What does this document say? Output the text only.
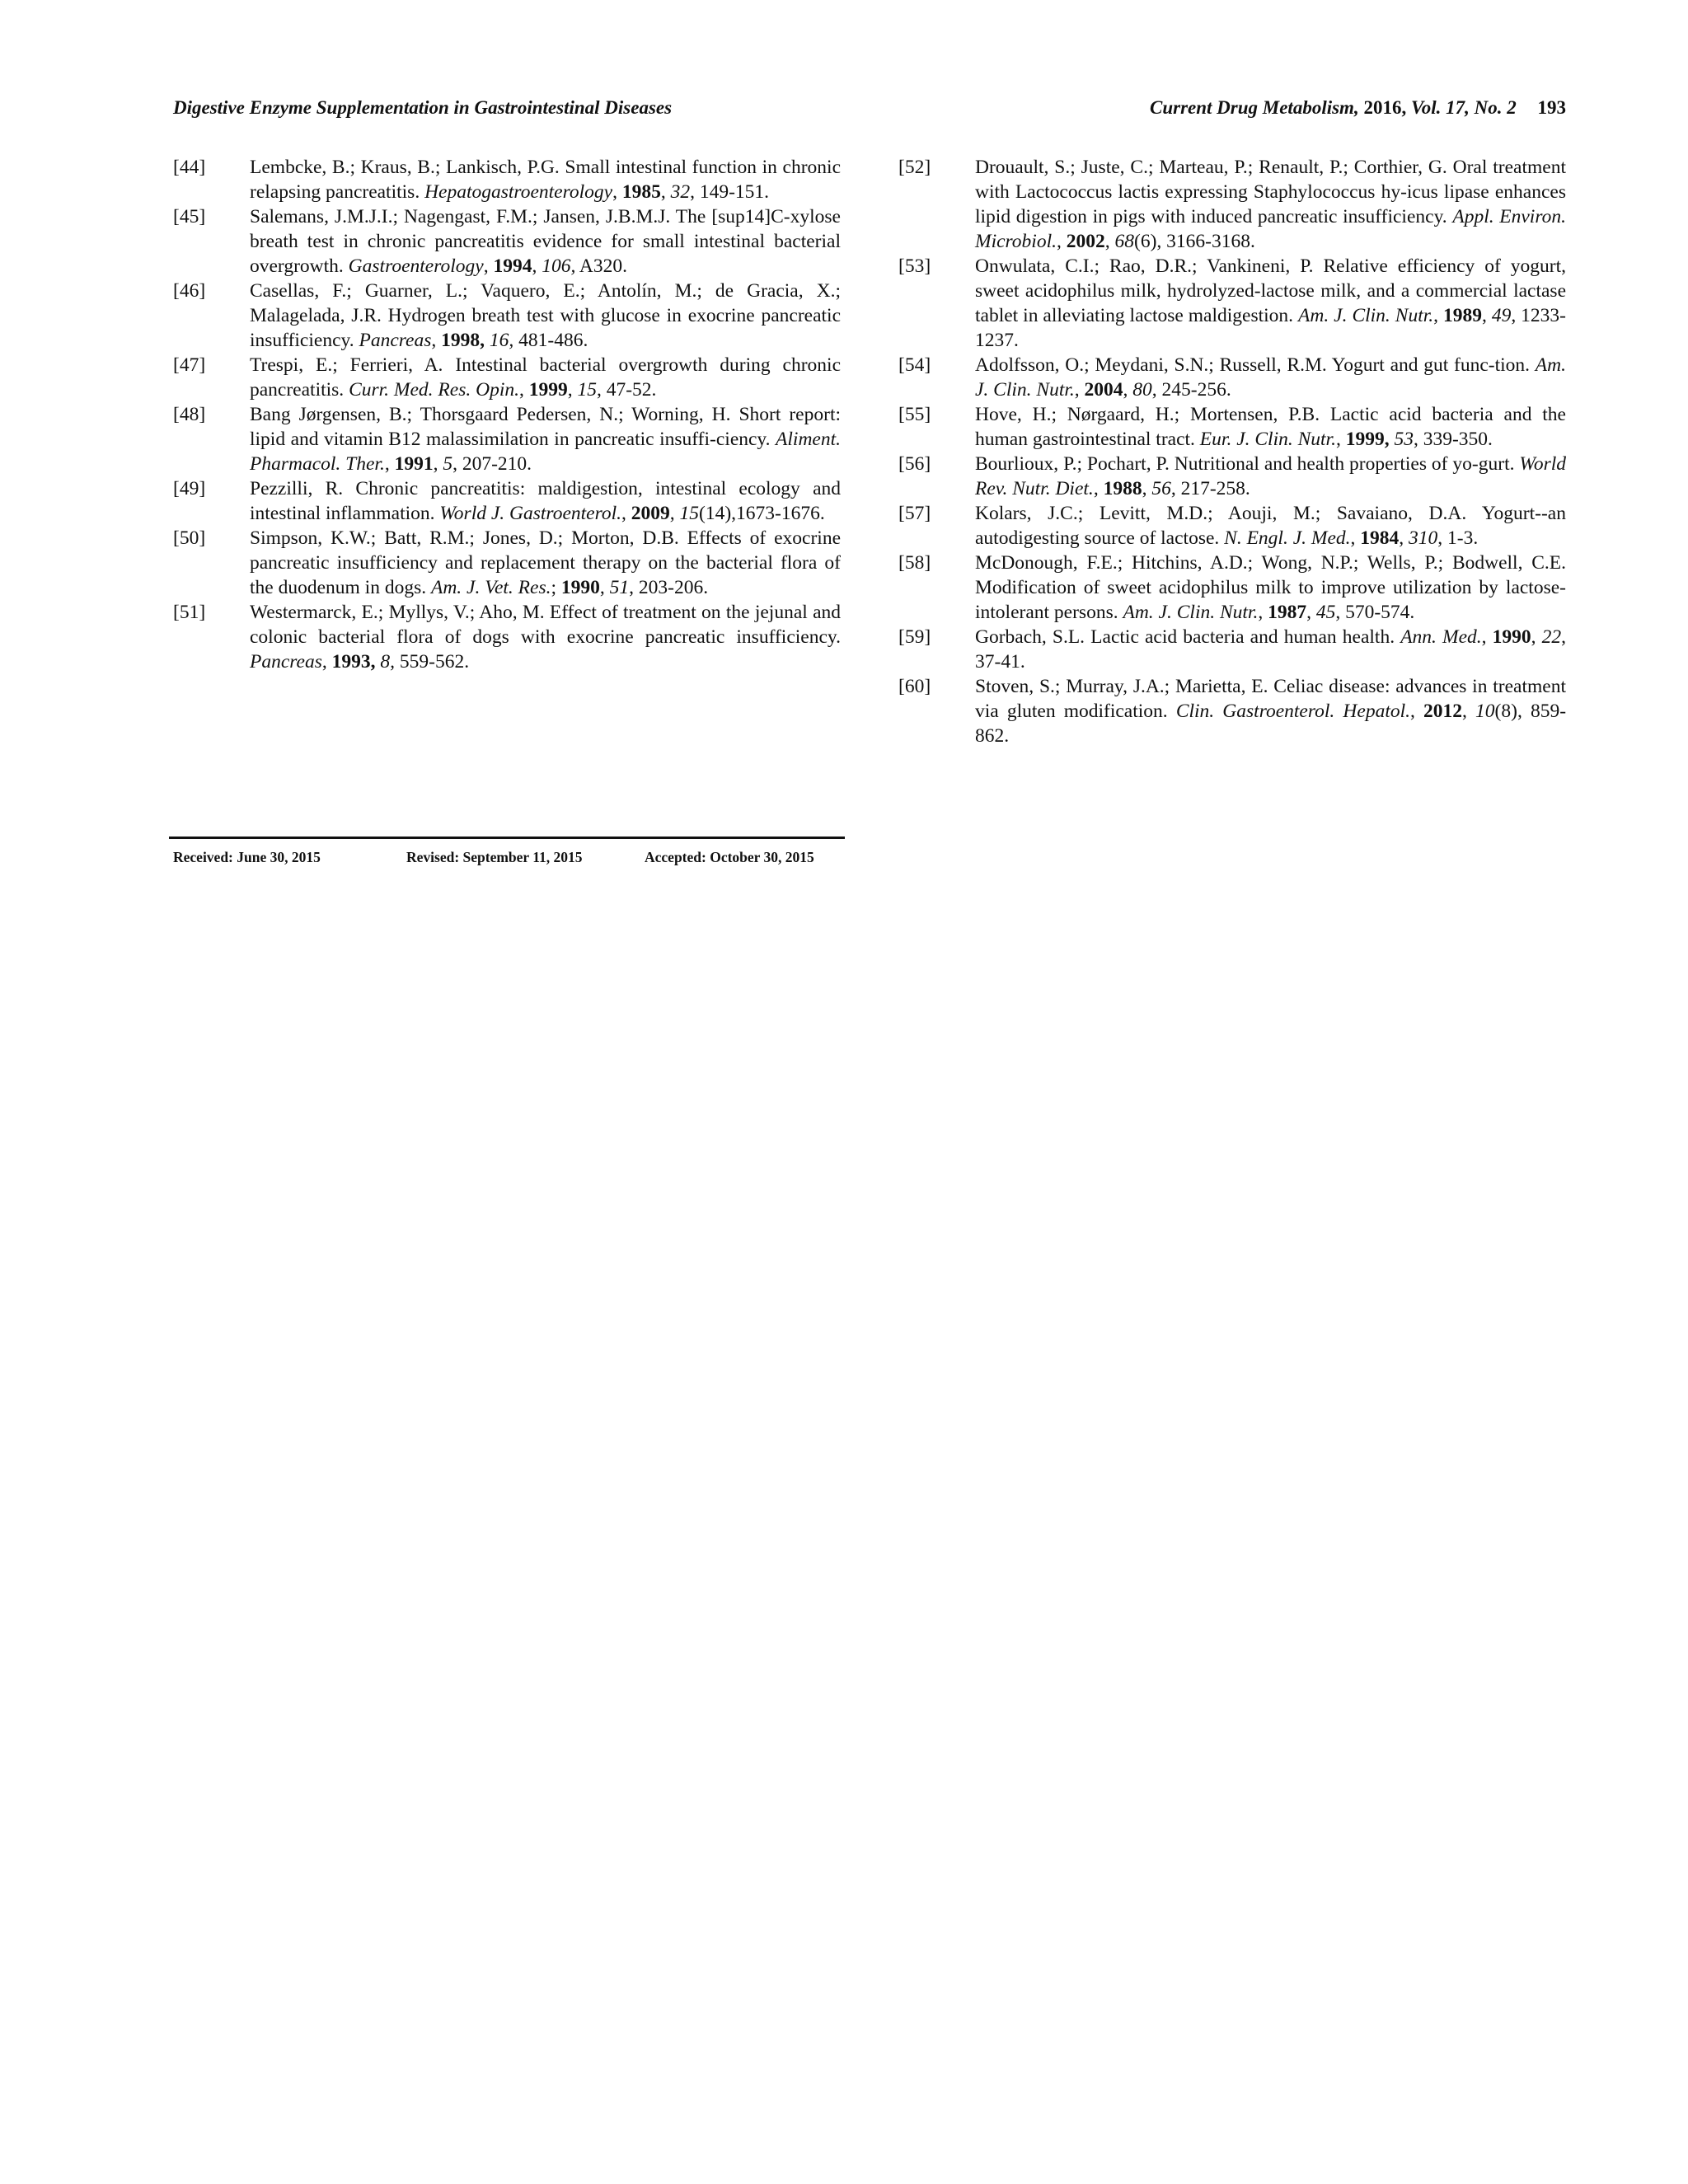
Digestive Enzyme Supplementation in Gastrointestinal Diseases	Current Drug Metabolism, 2016, Vol. 17, No. 2 193
[44] Lembcke, B.; Kraus, B.; Lankisch, P.G. Small intestinal function in chronic relapsing pancreatitis. Hepatogastroenterology, 1985, 32, 149-151.
[45] Salemans, J.M.J.I.; Nagengast, F.M.; Jansen, J.B.M.J. The [sup14]C-xylose breath test in chronic pancreatitis evidence for small intestinal bacterial overgrowth. Gastroenterology, 1994, 106, A320.
[46] Casellas, F.; Guarner, L.; Vaquero, E.; Antolín, M.; de Gracia, X.; Malagelada, J.R. Hydrogen breath test with glucose in exocrine pancreatic insufficiency. Pancreas, 1998, 16, 481-486.
[47] Trespi, E.; Ferrieri, A. Intestinal bacterial overgrowth during chronic pancreatitis. Curr. Med. Res. Opin., 1999, 15, 47-52.
[48] Bang Jørgensen, B.; Thorsgaard Pedersen, N.; Worning, H. Short report: lipid and vitamin B12 malassimilation in pancreatic insuffi-ciency. Aliment. Pharmacol. Ther., 1991, 5, 207-210.
[49] Pezzilli, R. Chronic pancreatitis: maldigestion, intestinal ecology and intestinal inflammation. World J. Gastroenterol., 2009, 15(14),1673-1676.
[50] Simpson, K.W.; Batt, R.M.; Jones, D.; Morton, D.B. Effects of exocrine pancreatic insufficiency and replacement therapy on the bacterial flora of the duodenum in dogs. Am. J. Vet. Res.; 1990, 51, 203-206.
[51] Westermarck, E.; Myllys, V.; Aho, M. Effect of treatment on the jejunal and colonic bacterial flora of dogs with exocrine pancreatic insufficiency. Pancreas, 1993, 8, 559-562.
[52] Drouault, S.; Juste, C.; Marteau, P.; Renault, P.; Corthier, G. Oral treatment with Lactococcus lactis expressing Staphylococcus hy-icus lipase enhances lipid digestion in pigs with induced pancreatic insufficiency. Appl. Environ. Microbiol., 2002, 68(6), 3166-3168.
[53] Onwulata, C.I.; Rao, D.R.; Vankineni, P. Relative efficiency of yogurt, sweet acidophilus milk, hydrolyzed-lactose milk, and a commercial lactase tablet in alleviating lactose maldigestion. Am. J. Clin. Nutr., 1989, 49, 1233-1237.
[54] Adolfsson, O.; Meydani, S.N.; Russell, R.M. Yogurt and gut func-tion. Am. J. Clin. Nutr., 2004, 80, 245-256.
[55] Hove, H.; Nørgaard, H.; Mortensen, P.B. Lactic acid bacteria and the human gastrointestinal tract. Eur. J. Clin. Nutr., 1999, 53, 339-350.
[56] Bourlioux, P.; Pochart, P. Nutritional and health properties of yo-gurt. World Rev. Nutr. Diet., 1988, 56, 217-258.
[57] Kolars, J.C.; Levitt, M.D.; Aouji, M.; Savaiano, D.A. Yogurt--an autodigesting source of lactose. N. Engl. J. Med., 1984, 310, 1-3.
[58] McDonough, F.E.; Hitchins, A.D.; Wong, N.P.; Wells, P.; Bodwell, C.E. Modification of sweet acidophilus milk to improve utilization by lactose-intolerant persons. Am. J. Clin. Nutr., 1987, 45, 570-574.
[59] Gorbach, S.L. Lactic acid bacteria and human health. Ann. Med., 1990, 22, 37-41.
[60] Stoven, S.; Murray, J.A.; Marietta, E. Celiac disease: advances in treatment via gluten modification. Clin. Gastroenterol. Hepatol., 2012, 10(8), 859-862.
Received: June 30, 2015	Revised: September 11, 2015	Accepted: October 30, 2015
